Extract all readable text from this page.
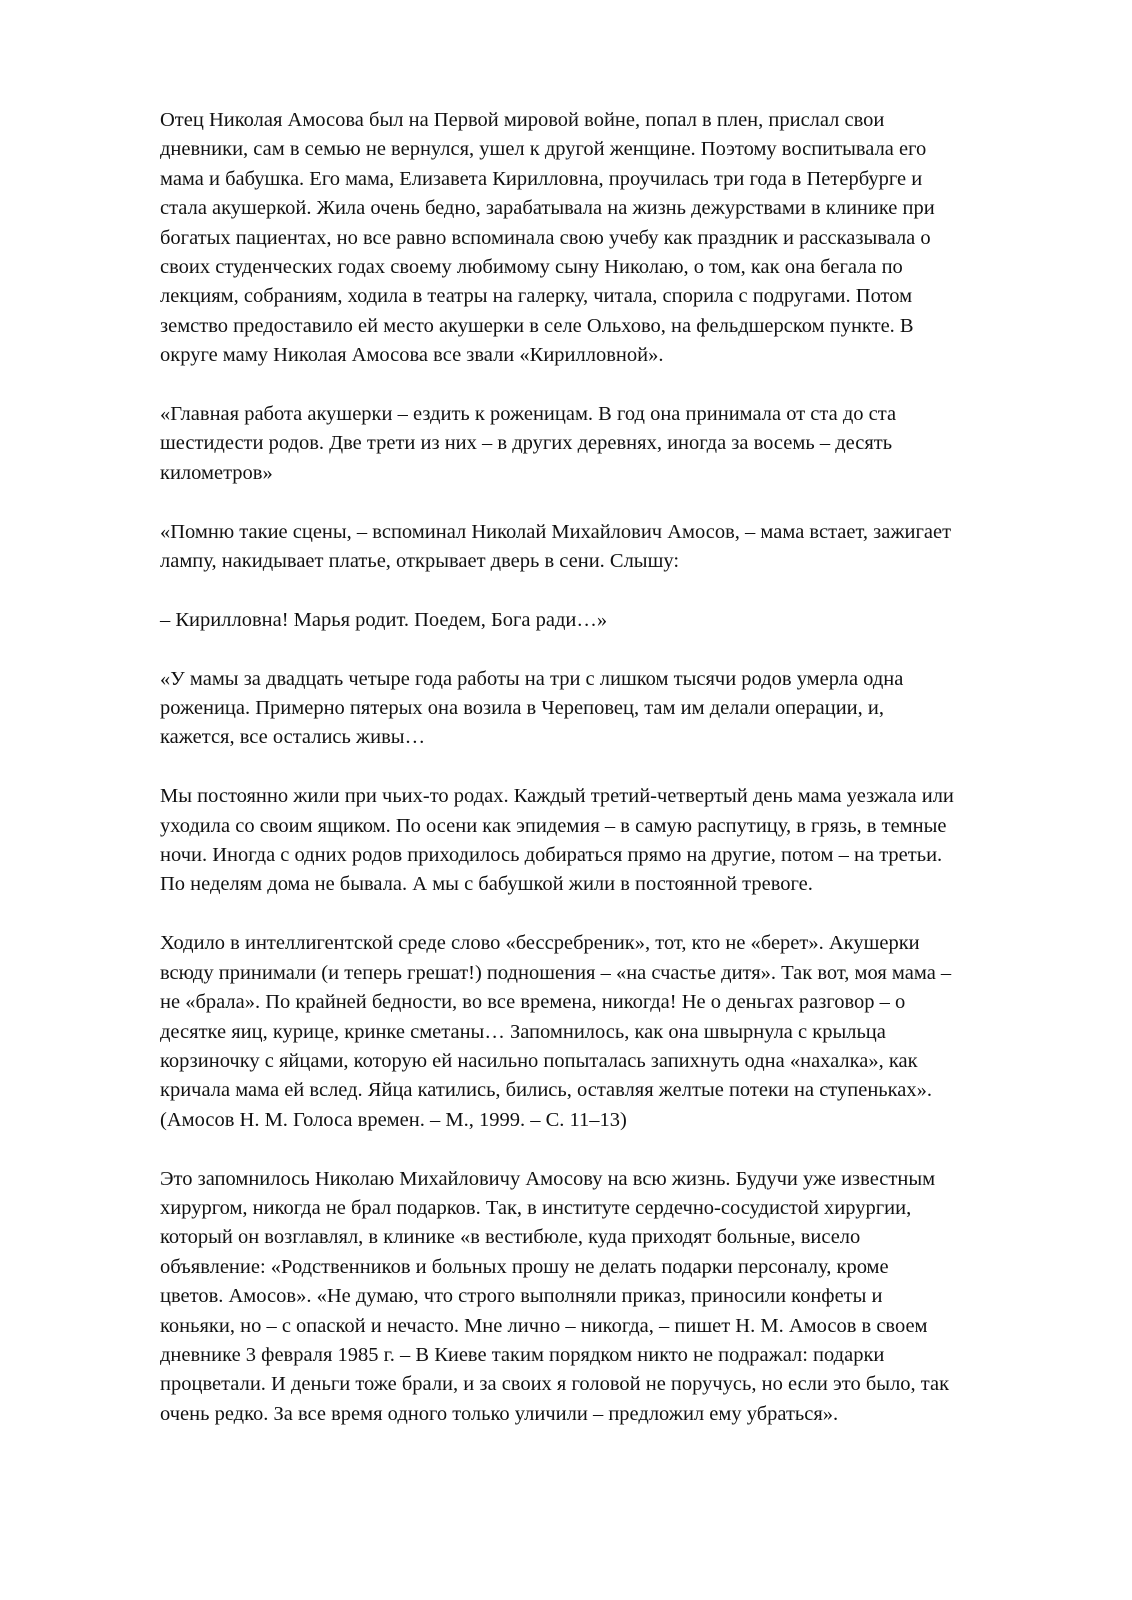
Отец Николая Амосова был на Первой мировой войне, попал в плен, прислал свои
дневники, сам в семью не вернулся, ушел к другой женщине. Поэтому воспитывала его
мама и бабушка. Его мама, Елизавета Кирилловна, проучилась три года в Петербурге и
стала акушеркой. Жила очень бедно, зарабатывала на жизнь дежурствами в клинике при
богатых пациентах, но все равно вспоминала свою учебу как праздник и рассказывала о
своих студенческих годах своему любимому сыну Николаю, о том, как она бегала по
лекциям, собраниям, ходила в театры на галерку, читала, спорила с подругами. Потом
земство предоставило ей место акушерки в селе Ольхово, на фельдшерском пункте. В
округе маму Николая Амосова все звали «Кирилловной».
«Главная работа акушерки – ездить к роженицам. В год она принимала от ста до ста
шестидести родов. Две трети из них – в других деревнях, иногда за восемь – десять
километров»
«Помню такие сцены, – вспоминал Николай Михайлович Амосов, – мама встает, зажигает
лампу, накидывает платье, открывает дверь в сени. Слышу:
– Кирилловна! Марья родит. Поедем, Бога ради…»
«У мамы за двадцать четыре года работы на три с лишком тысячи родов умерла одна
роженица. Примерно пятерых она возила в Череповец, там им делали операции, и,
кажется, все остались живы…
Мы постоянно жили при чьих-то родах. Каждый третий-четвертый день мама уезжала или
уходила со своим ящиком. По осени как эпидемия – в самую распутицу, в грязь, в темные
ночи. Иногда с одних родов приходилось добираться прямо на другие, потом – на третьи.
По неделям дома не бывала. А мы с бабушкой жили в постоянной тревоге.
Ходило в интеллигентской среде слово «бессребреник», тот, кто не «берет». Акушерки
всюду принимали (и теперь грешат!) подношения – «на счастье дитя». Так вот, моя мама –
не «брала». По крайней бедности, во все времена, никогда! Не о деньгах разговор – о
десятке яиц, курице, кринке сметаны… Запомнилось, как она швырнула с крыльца
корзиночку с яйцами, которую ей насильно попыталась запихнуть одна «нахалка», как
кричала мама ей вслед. Яйца катились, бились, оставляя желтые потеки на ступеньках».
(Амосов Н. М. Голоса времен. – М., 1999. – С. 11–13)
Это запомнилось Николаю Михайловичу Амосову на всю жизнь. Будучи уже известным
хирургом, никогда не брал подарков. Так, в институте сердечно-сосудистой хирургии,
который он возглавлял, в клинике «в вестибюле, куда приходят больные, висело
объявление: «Родственников и больных прошу не делать подарки персоналу, кроме
цветов. Амосов». «Не думаю, что строго выполняли приказ, приносили конфеты и
коньяки, но – с опаской и нечасто. Мне лично – никогда, – пишет Н. М. Амосов в своем
дневнике 3 февраля 1985 г. – В Киеве таким порядком никто не подражал: подарки
процветали. И деньги тоже брали, и за своих я головой не поручусь, но если это было, так
очень редко. За все время одного только уличили – предложил ему убраться».
